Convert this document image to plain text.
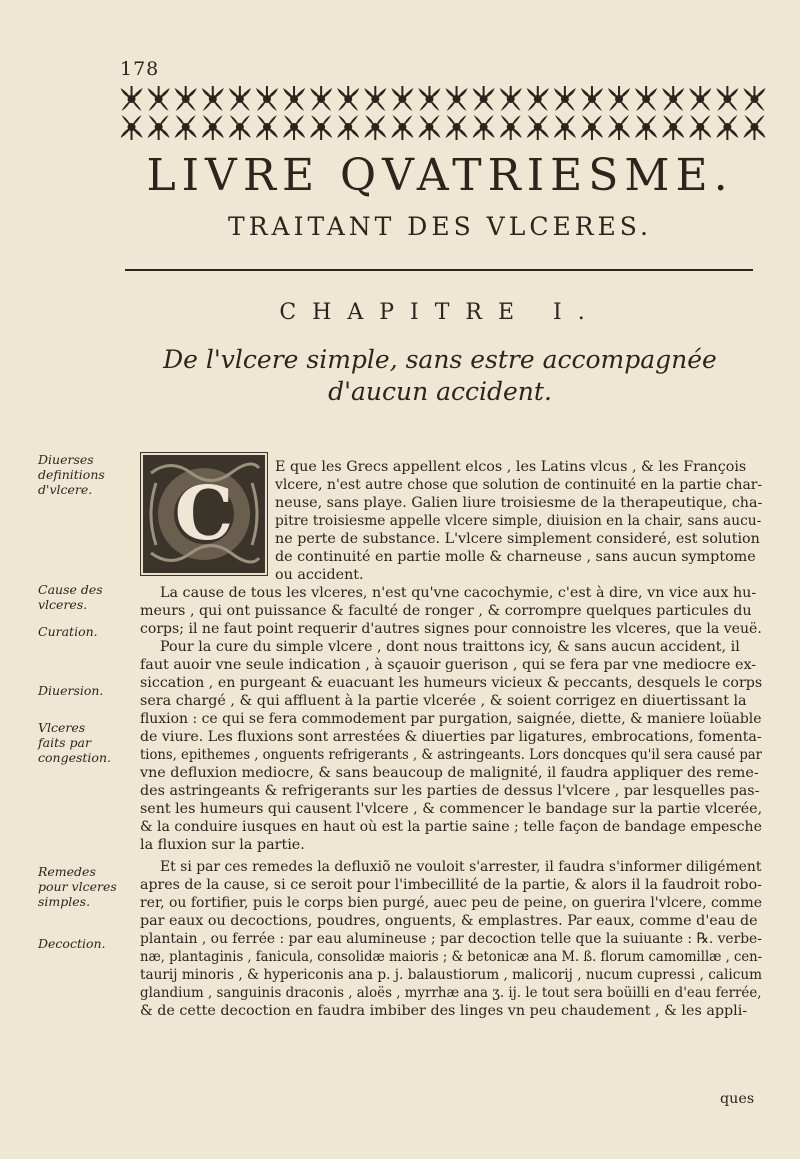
178
LIVRE QVATRIESME.
TRAITANT DES VLCERES.
CHAPITRE I.
De l'vlcere simple, sans estre accompagnée
d'aucun accident.
Diuerses
definitions
d'vlcere.
Cause des
vlceres.
Curation.
Diuersion.
Vlceres
faits par
congestion.
Remedes
pour vlceres
simples.
Decoction.
C
E que les Grecs appellent elcos , les Latins vlcus , & les François
vlcere, n'est autre chose que solution de continuité en la partie char-
neuse, sans playe. Galien liure troisiesme de la therapeutique, cha-
pitre troisiesme appelle vlcere simple, diuision en la chair, sans aucu-
ne perte de substance. L'vlcere simplement consideré, est solution
de continuité en partie molle & charneuse , sans aucun symptome
ou accident.
La cause de tous les vlceres, n'est qu'vne cacochymie, c'est à dire, vn vice aux hu-
meurs , qui ont puissance & faculté de ronger , & corrompre quelques particules du
corps; il ne faut point requerir d'autres signes pour connoistre les vlceres, que la veuë.
Pour la cure du simple vlcere , dont nous traittons icy, & sans aucun accident, il
faut auoir vne seule indication , à sçauoir guerison , qui se fera par vne mediocre ex-
siccation , en purgeant & euacuant les humeurs vicieux & peccants, desquels le corps
sera chargé , & qui affluent à la partie vlcerée , & soient corrigez en diuertissant la
fluxion : ce qui se fera commodement par purgation, saignée, diette, & maniere loüable
de viure. Les fluxions sont arrestées & diuerties par ligatures, embrocations, fomenta-
tions, epithemes , onguents refrigerants , & astringeants. Lors doncques qu'il sera causé par
vne defluxion mediocre, & sans beaucoup de malignité, il faudra appliquer des reme-
des astringeants & refrigerants sur les parties de dessus l'vlcere , par lesquelles pas-
sent les humeurs qui causent l'vlcere , & commencer le bandage sur la partie vlcerée,
& la conduire iusques en haut où est la partie saine ; telle façon de bandage empesche
la fluxion sur la partie.
Et si par ces remedes la defluxiõ ne vouloit s'arrester, il faudra s'informer diligément
apres de la cause, si ce seroit pour l'imbecillité de la partie, & alors il la faudroit robo-
rer, ou fortifier, puis le corps bien purgé, auec peu de peine, on guerira l'vlcere, comme
par eaux ou decoctions, poudres, onguents, & emplastres. Par eaux, comme d'eau de
plantain , ou ferrée : par eau alumineuse ; par decoction telle que la suiuante : ℞. verbe-
næ, plantaginis , fanicula, consolidæ maioris ; & betonicæ ana M. ß. florum camomillæ , cen-
taurij minoris , & hypericonis ana p. j. balaustiorum , malicorij , nucum cupressi , calicum
glandium , sanguinis draconis , aloës , myrrhæ ana ʒ. ij. le tout sera boüilli en d'eau ferrée,
& de cette decoction en faudra imbiber des linges vn peu chaudement , & les appli-
ques
